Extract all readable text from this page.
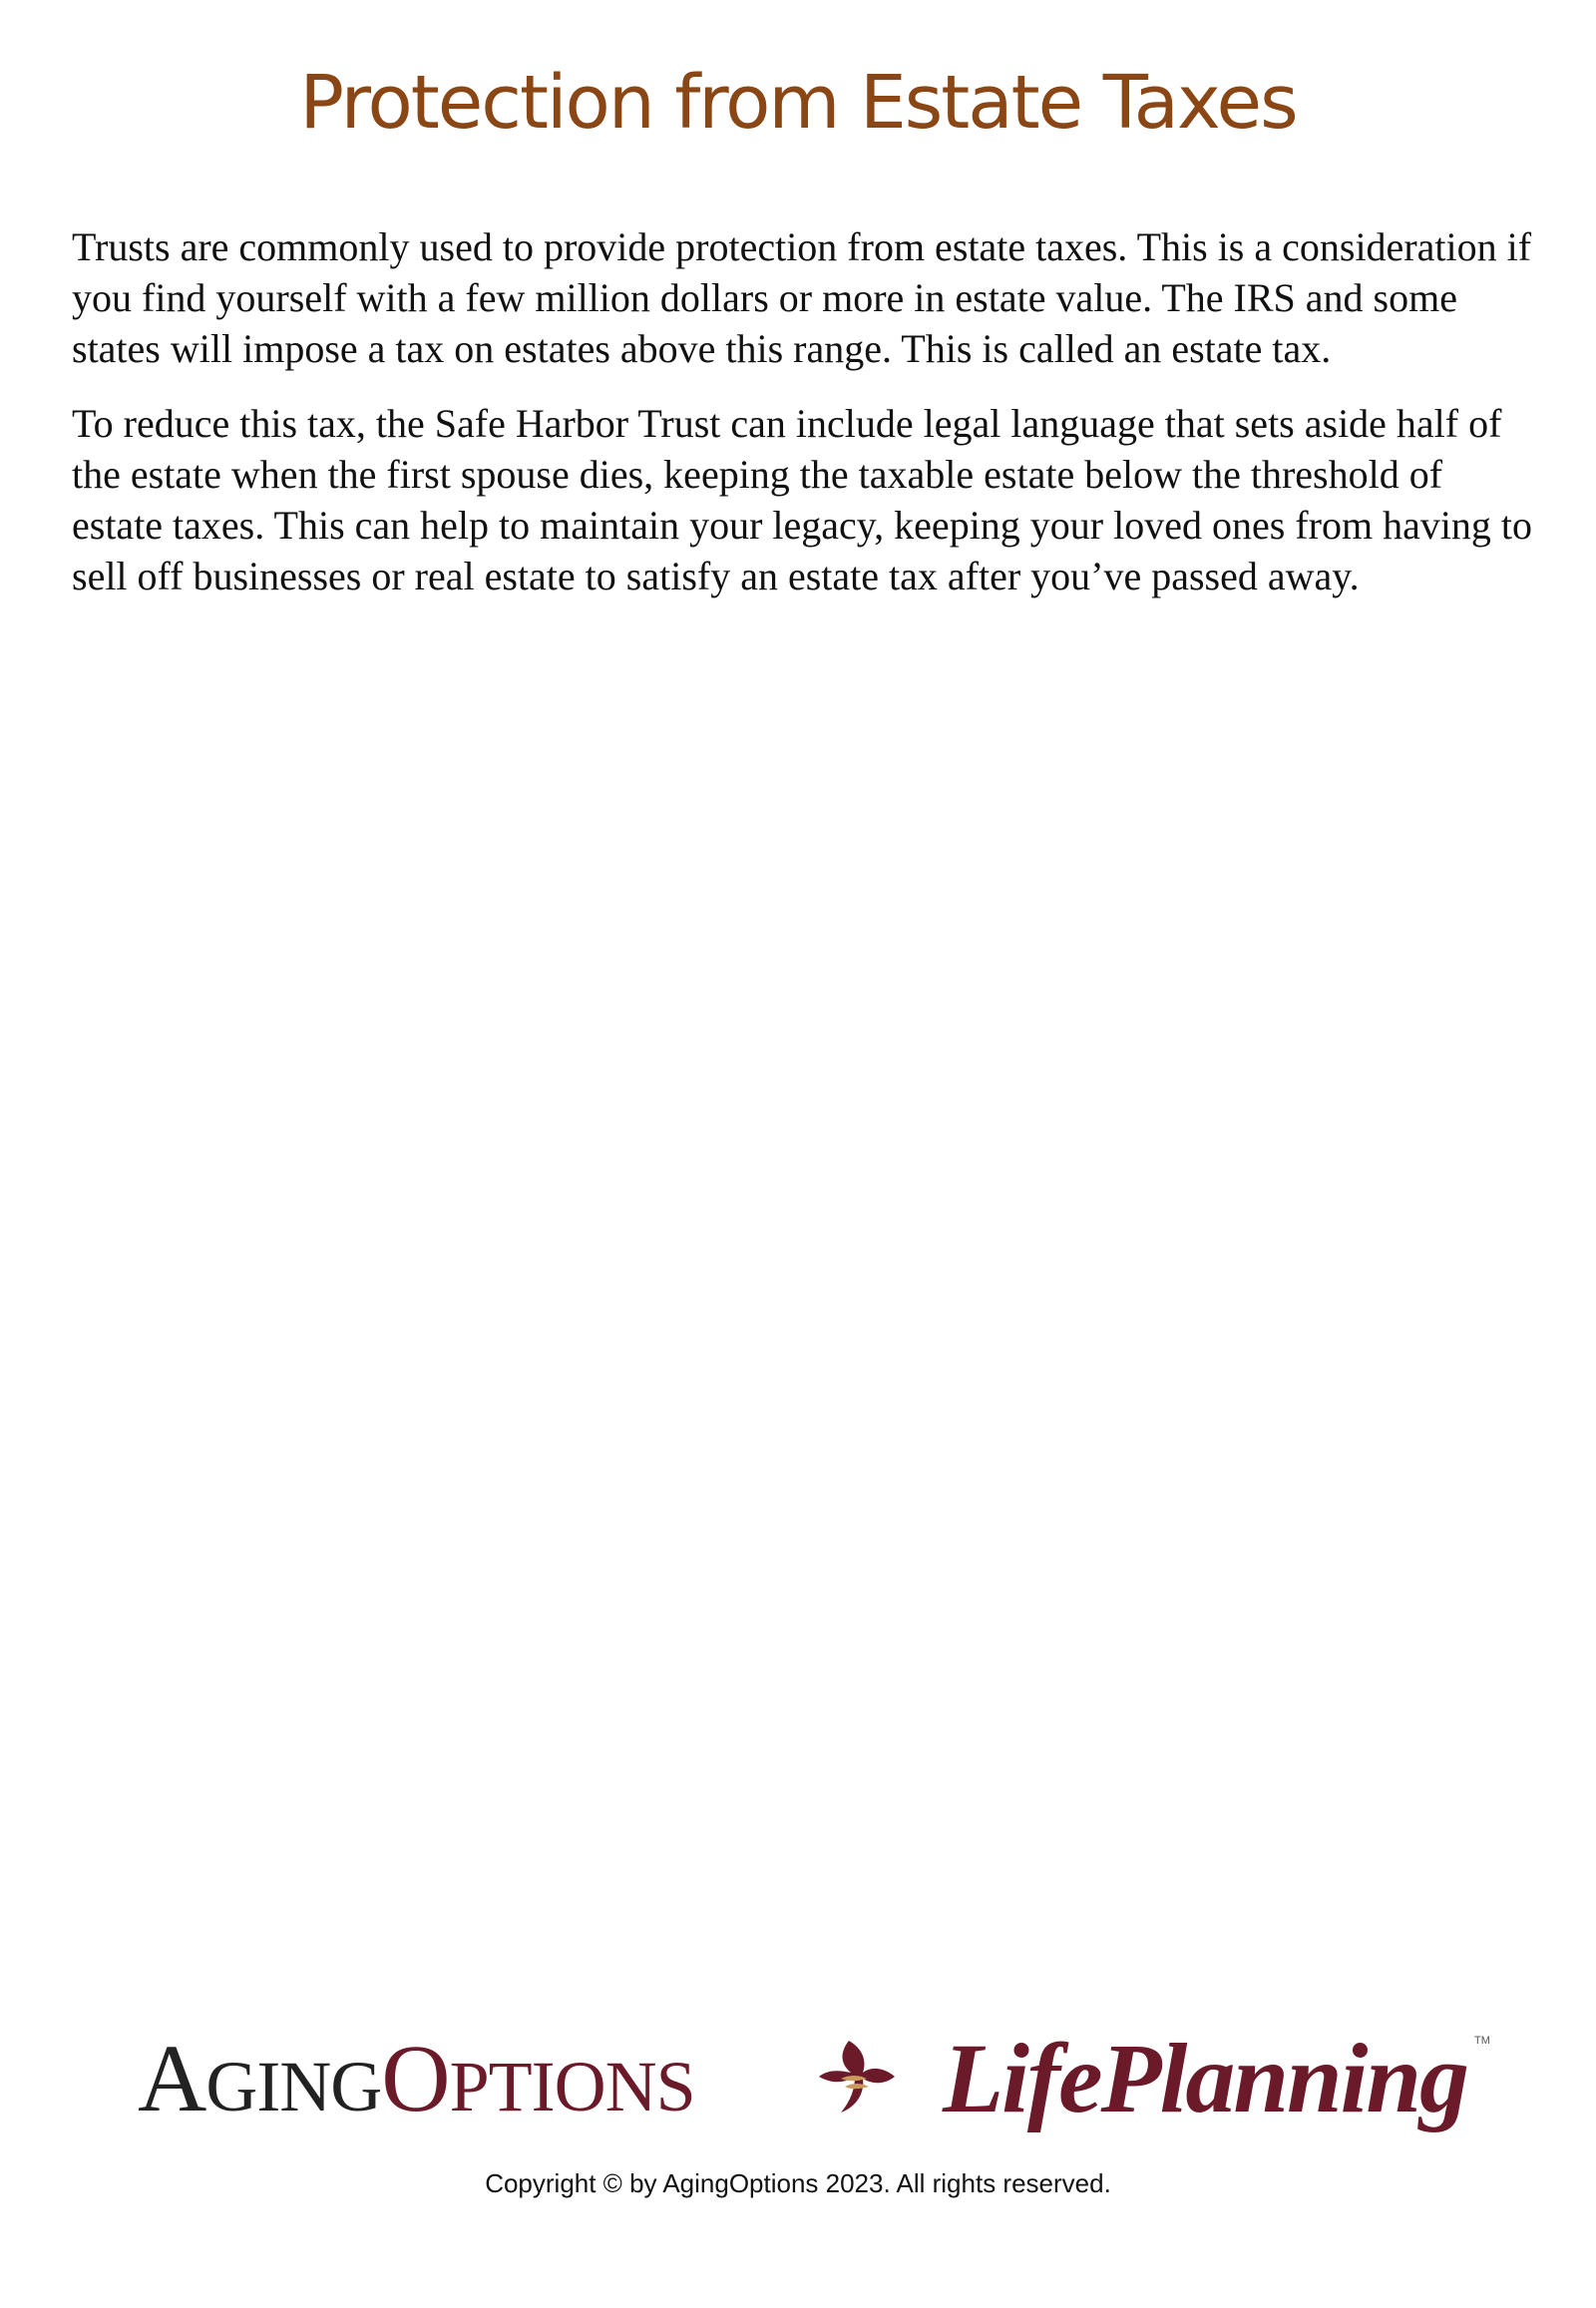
Protection from Estate Taxes

Trusts are commonly used to provide protection from estate taxes. This is a consideration if you find yourself with a few million dollars or more in estate value. The IRS and some states will impose a tax on estates above this range. This is called an estate tax.

To reduce this tax, the Safe Harbor Trust can include legal language that sets aside half of the estate when the first spouse dies, keeping the taxable estate below the threshold of estate taxes. This can help to maintain your legacy, keeping your loved ones from having to sell off businesses or real estate to satisfy an estate tax after you’ve passed away.

AGINGOPTIONS LifePlanning TM
Copyright © by AgingOptions 2023. All rights reserved.
